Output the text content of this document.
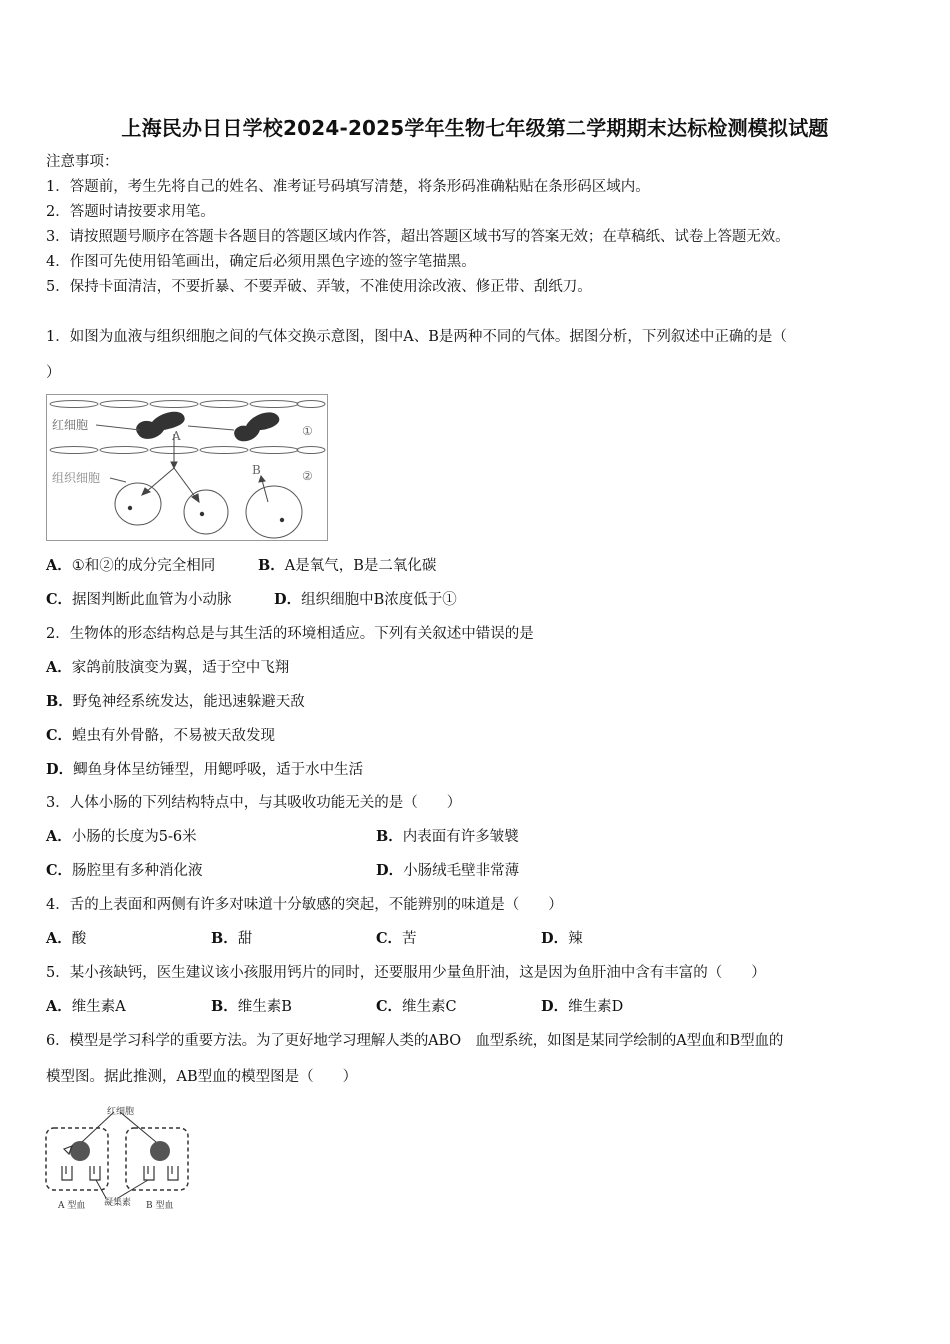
上海民办日日学校2024-2025学年生物七年级第二学期期末达标检测模拟试题
注意事项：
1．答题前，考生先将自己的姓名、准考证号码填写清楚，将条形码准确粘贴在条形码区域内。
2．答题时请按要求用笔。
3．请按照题号顺序在答题卡各题目的答题区域内作答，超出答题区域书写的答案无效；在草稿纸、试卷上答题无效。
4．作图可先使用铅笔画出，确定后必须用黑色字迹的签字笔描黑。
5．保持卡面清洁，不要折暴、不要弄破、弄皱，不准使用涂改液、修正带、刮纸刀。
1．如图为血液与组织细胞之间的气体交换示意图，图中A、B是两种不同的气体。据图分析，下列叙述中正确的是（
）
红细胞
组织细胞
A
B
①
②
A．①和②的成分完全相同	B．A是氧气，B是二氧化碳
C．据图判断此血管为小动脉	D．组织细胞中B浓度低于①
2．生物体的形态结构总是与其生活的环境相适应。下列有关叙述中错误的是
A．家鸽前肢演变为翼，适于空中飞翔
B．野兔神经系统发达，能迅速躲避天敌
C．蝗虫有外骨骼，不易被天敌发现
D．鲫鱼身体呈纺锤型，用鳃呼吸，适于水中生活
3．人体小肠的下列结构特点中，与其吸收功能无关的是（　　）
A．小肠的长度为5-6米	B．内表面有许多皱襞
C．肠腔里有多种消化液	D．小肠绒毛壁非常薄
4．舌的上表面和两侧有许多对味道十分敏感的突起，不能辨别的味道是（　　）
A．酸	B．甜	C．苦	D．辣
5．某小孩缺钙，医生建议该小孩服用钙片的同时，还要服用少量鱼肝油，这是因为鱼肝油中含有丰富的（　　）
A．维生素A	B．维生素B	C．维生素C	D．维生素D
6．模型是学习科学的重要方法。为了更好地学习理解人类的ABO　血型系统，如图是某同学绘制的A型血和B型血的
模型图。据此推测，AB型血的模型图是（　　）
红细胞
凝集素
A 型血	B 型血
